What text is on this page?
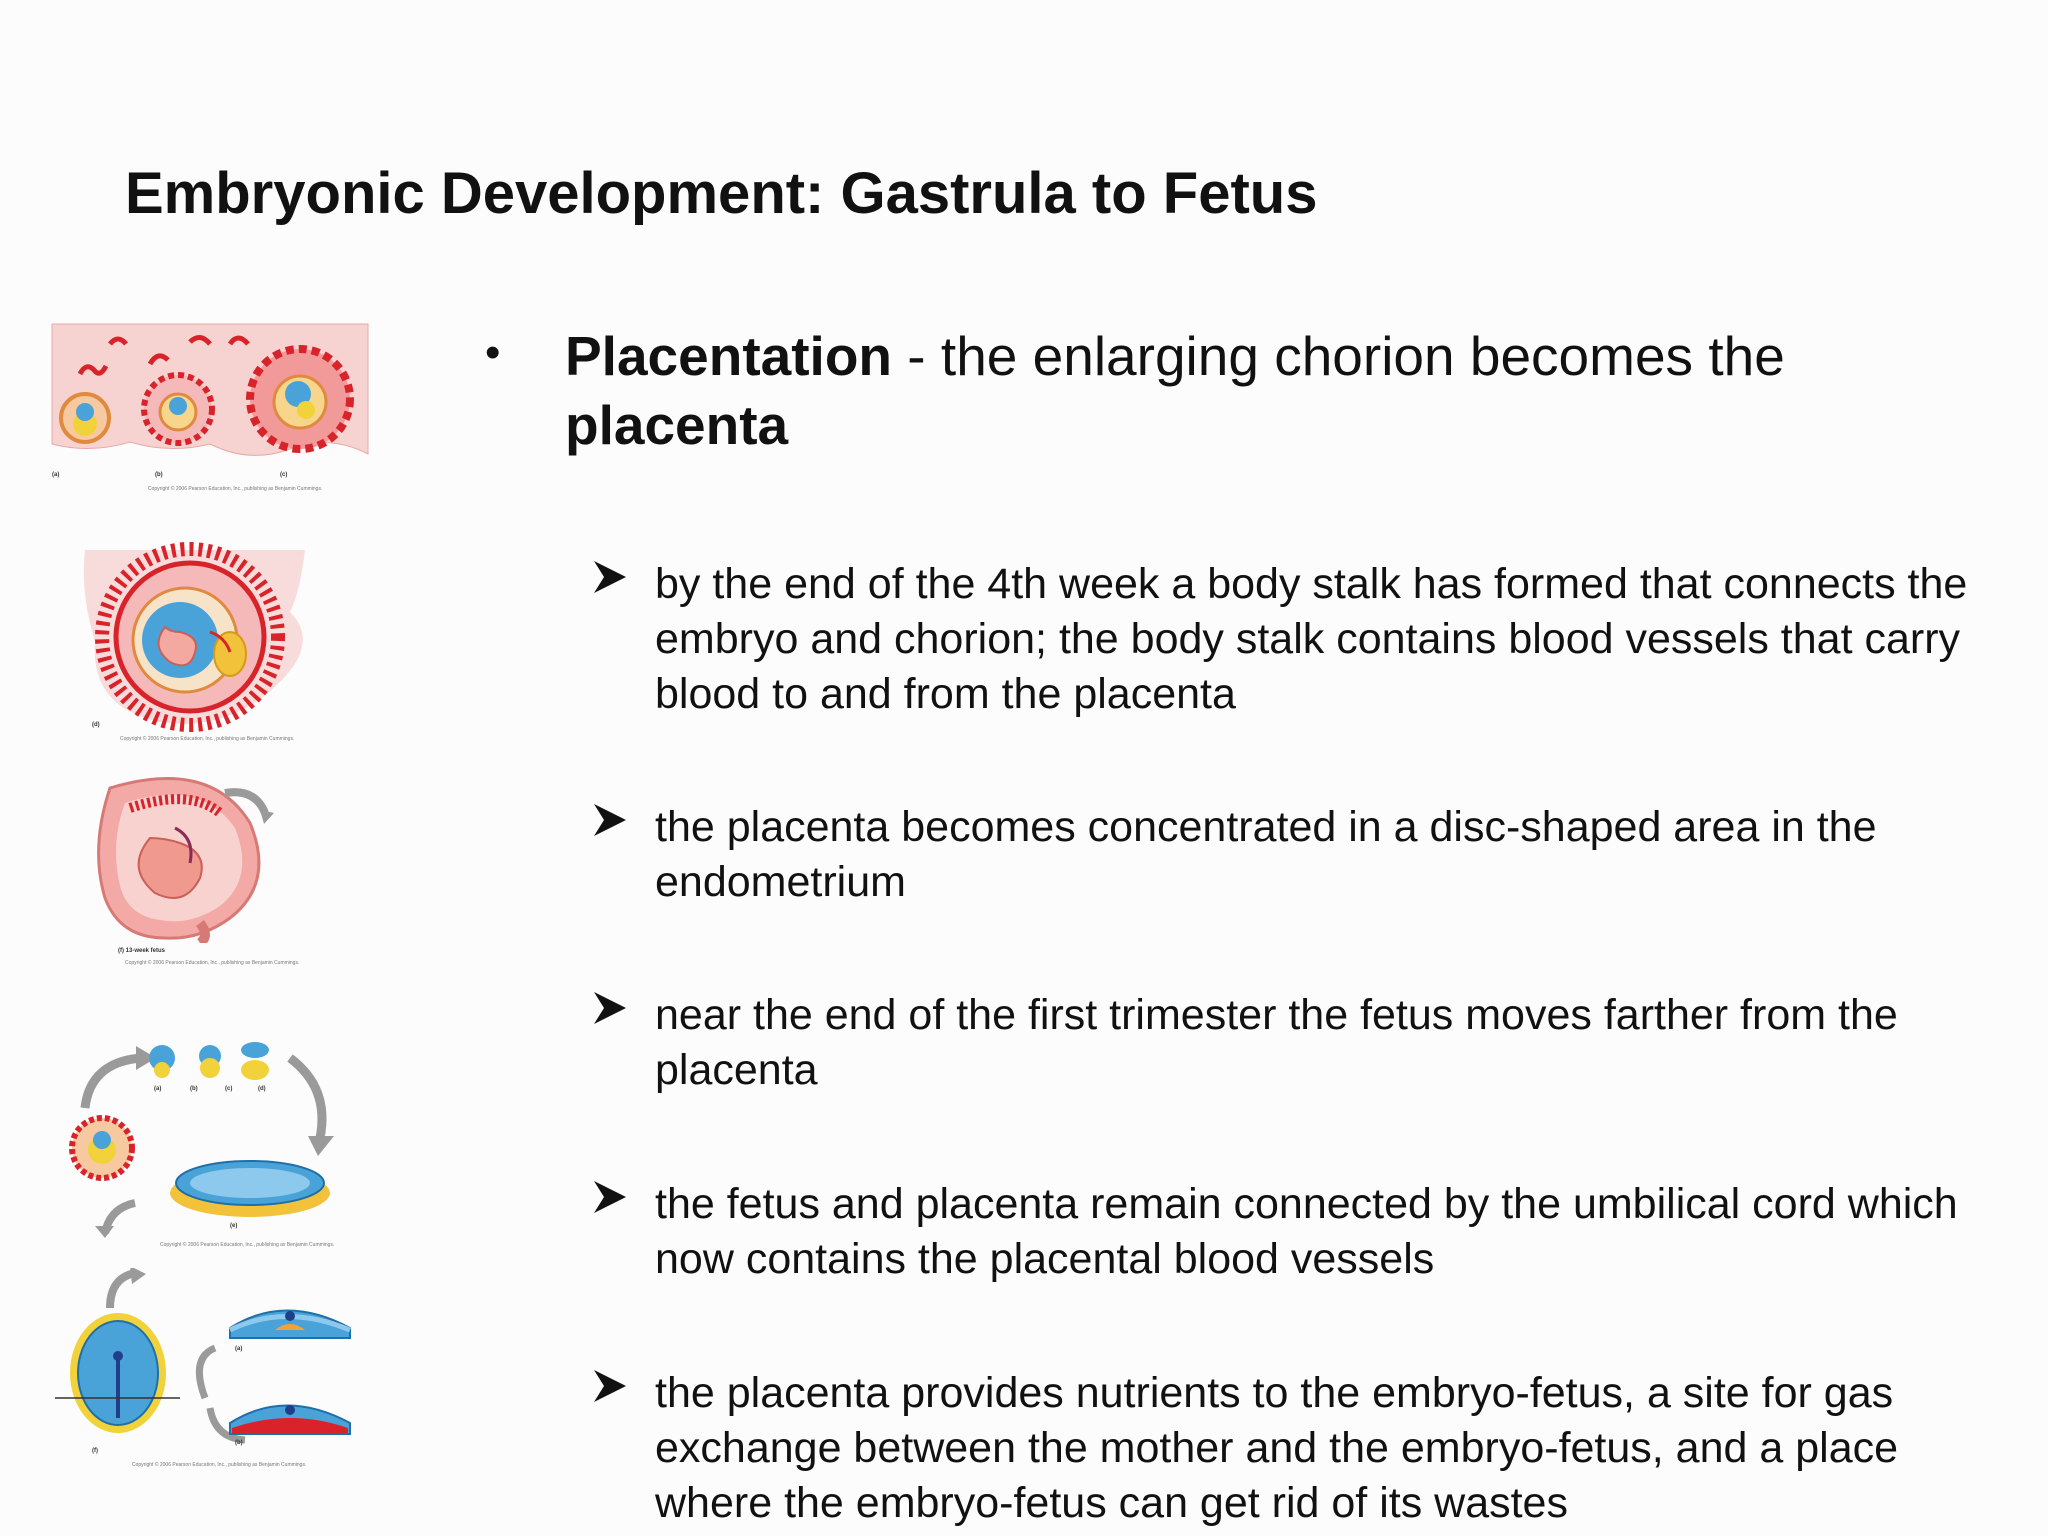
Embryonic Development: Gastrula to Fetus
(a)	(b)	(c)
Copyright © 2006 Pearson Education, Inc., publishing as Benjamin Cummings.
(d)
Copyright © 2006 Pearson Education, Inc., publishing as Benjamin Cummings.
(f) 13-week fetus
Copyright © 2006 Pearson Education, Inc., publishing as Benjamin Cummings.
(a)	(b)	(c)	(d)
(e)
Copyright © 2006 Pearson Education, Inc., publishing as Benjamin Cummings.
(f)
(a)
(b)
Copyright © 2006 Pearson Education, Inc., publishing as Benjamin Cummings.
• Placentation - the enlarging chorion becomes the placenta
by the end of the 4th week a body stalk has formed that connects the embryo and chorion; the body stalk contains blood vessels that carry blood to and from the placenta
the placenta becomes concentrated in a disc-shaped area in the endometrium
near the end of the first trimester the fetus moves farther from the placenta
the fetus and placenta remain connected by the umbilical cord which now contains the placental blood vessels
the placenta provides nutrients to the embryo-fetus, a site for gas exchange between the mother and the embryo-fetus, and a place where the embryo-fetus can get rid of its wastes
